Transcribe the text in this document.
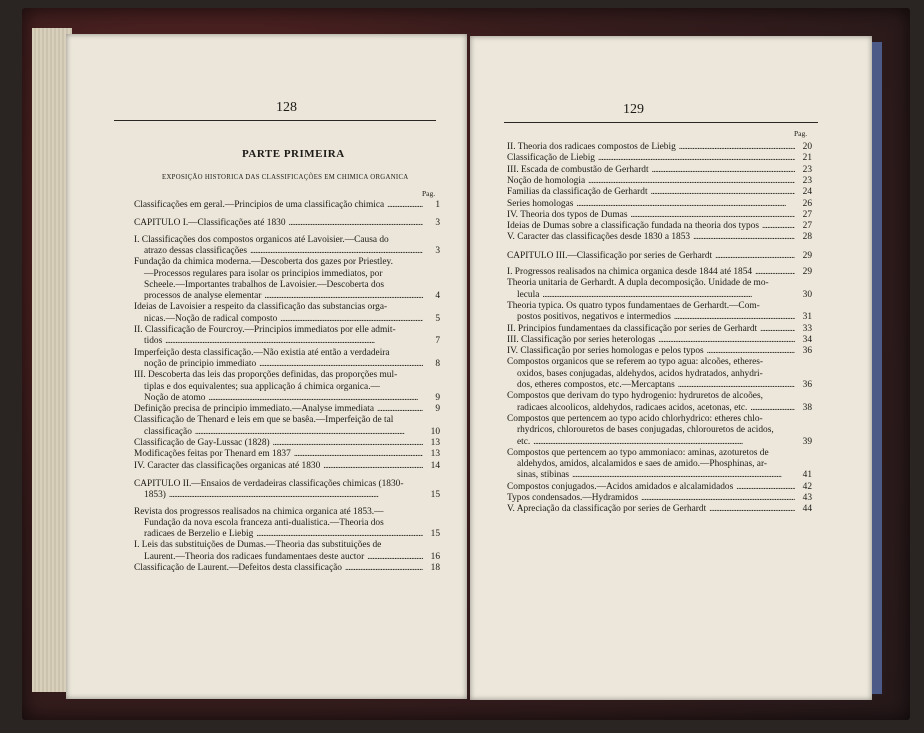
128
PARTE PRIMEIRA
EXPOSIÇÃO HISTORICA DAS CLASSIFICAÇÕES EM CHIMICA ORGANICA
Pag.
Classificações em geral.—Principios de uma classificação chimica . . .	1
CAPITULO I.—Classificações até 1830 . . .	3
I. Classificações dos compostos organicos até Lavoisier.—Causa do
atrazo dessas classificações . . .	3
Fundação da chimica moderna.—Descoberta dos gazes por Priestley.
—Processos regulares para isolar os principios immediatos, por
Scheele.—Importantes trabalhos de Lavoisier.—Descoberta dos
processos de analyse elementar . . .	4
Ideias de Lavoisier a respeito da classificação das substancias orga-
nicas.—Noção de radical composto . . .	5
II. Classificação de Fourcroy.—Principios immediatos por elle admit-
tidos . . .	7
Imperfeição desta classificação.—Não existia até então a verdadeira
noção de principio immediato . . .	8
III. Descoberta das leis das proporções definidas, das proporções mul-
tiplas e dos equivalentes; sua applicação á chimica organica.—
Noção de atomo . . .	9
Definição precisa de principio immediato.—Analyse immediata . . .	9
Classificação de Thenard e leis em que se basêa.—Imperfeição de tal
classificação . . .	10
Classificação de Gay-Lussac (1828) . . .	13
Modificações feitas por Thenard em 1837 . . .	13
IV. Caracter das classificações organicas até 1830 . . .	14
CAPITULO II.—Ensaios de verdadeiras classificações chimicas (1830-
1853) . . .	15
Revista dos progressos realisados na chimica organica até 1853.—
Fundação da nova escola franceza anti-dualistica.—Theoria dos
radicaes de Berzelio e Liebig . . .	15
I. Leis das substituições de Dumas.—Theoria das substituições de
Laurent.—Theoria dos radicaes fundamentaes deste auctor . . .	16
Classificação de Laurent.—Defeitos desta classificação . . .	18
129
Pag.
II. Theoria dos radicaes compostos de Liebig . . .	20
Classificação de Liebig . . .	21
III. Escada de combustão de Gerhardt . . .	23
Noção de homologia . . .	23
Familias da classificação de Gerhardt . . .	24
Series homologas . . .	26
IV. Theoria dos typos de Dumas . . .	27
Ideias de Dumas sobre a classificação fundada na theoria dos typos . . .	27
V. Caracter das classificações desde 1830 a 1853 . . .	28
CAPITULO III.—Classificação por series de Gerhardt . . .	29
I. Progressos realisados na chimica organica desde 1844 até 1854 . . .	29
Theoria unitaria de Gerhardt. A dupla decomposição. Unidade de mo-
lecula . . .	30
Theoria typica. Os quatro typos fundamentaes de Gerhardt.—Com-
postos positivos, negativos e intermedios . . .	31
II. Principios fundamentaes da classificação por series de Gerhardt . . .	33
III. Classificação por series heterologas . . .	34
IV. Classificação por series homologas e pelos typos . . .	36
Compostos organicos que se referem ao typo agua: alcoões, etheres-
oxidos, bases conjugadas, aldehydos, acidos hydratados, anhydri-
dos, etheres compostos, etc.—Mercaptans . . .	36
Compostos que derivam do typo hydrogenio: hydruretos de alcoões,
radicaes alcoolicos, aldehydos, radicaes acidos, acetonas, etc. . . .	38
Compostos que pertencem ao typo acido chlorhydrico: etheres chlo-
rhydricos, chlorouretos de bases conjugadas, chlorouretos de acidos,
etc. . . .	39
Compostos que pertencem ao typo ammoniaco: aminas, azoturetos de
aldehydos, amidos, alcalamidos e saes de amido.—Phosphinas, ar-
sinas, stibinas . . .	41
Compostos conjugados.—Acidos amidados e alcalamidados . . .	42
Typos condensados.—Hydramidos . . .	43
V. Apreciação da classificação por series de Gerhardt . . .	44
